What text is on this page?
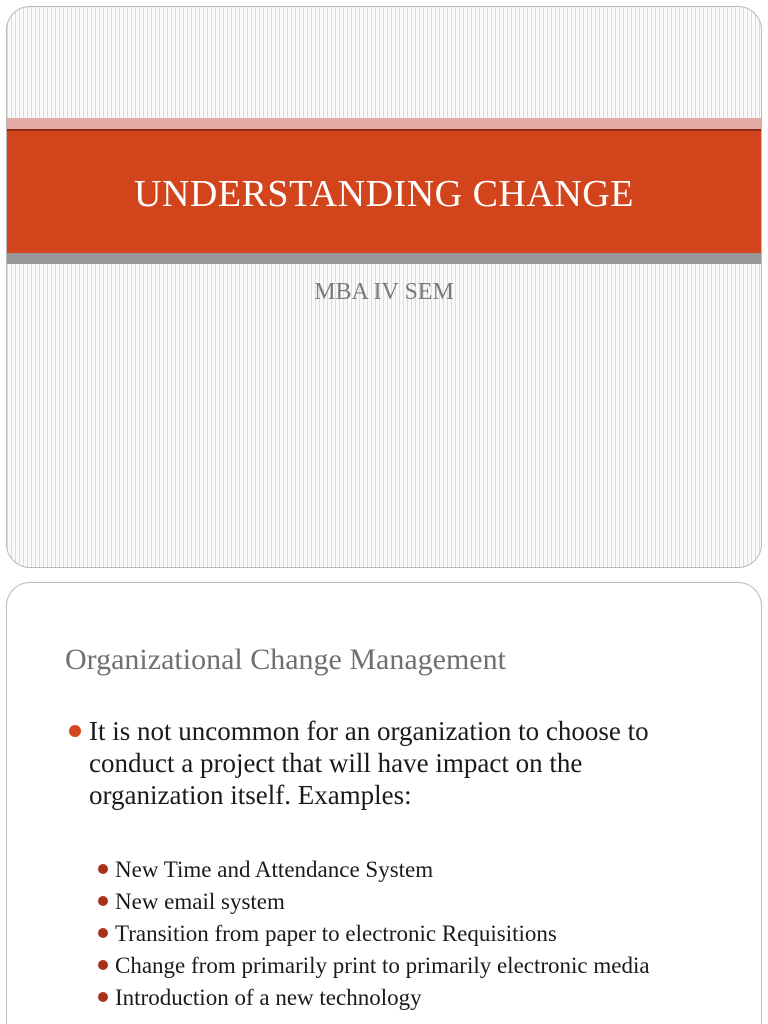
UNDERSTANDING CHANGE
MBA IV SEM
Organizational Change Management
It is not uncommon for an organization to choose to conduct a project that will have impact on the organization itself. Examples:
New Time and Attendance System
New email system
Transition from paper to electronic Requisitions
Change from primarily print to primarily electronic media
Introduction of a new technology
